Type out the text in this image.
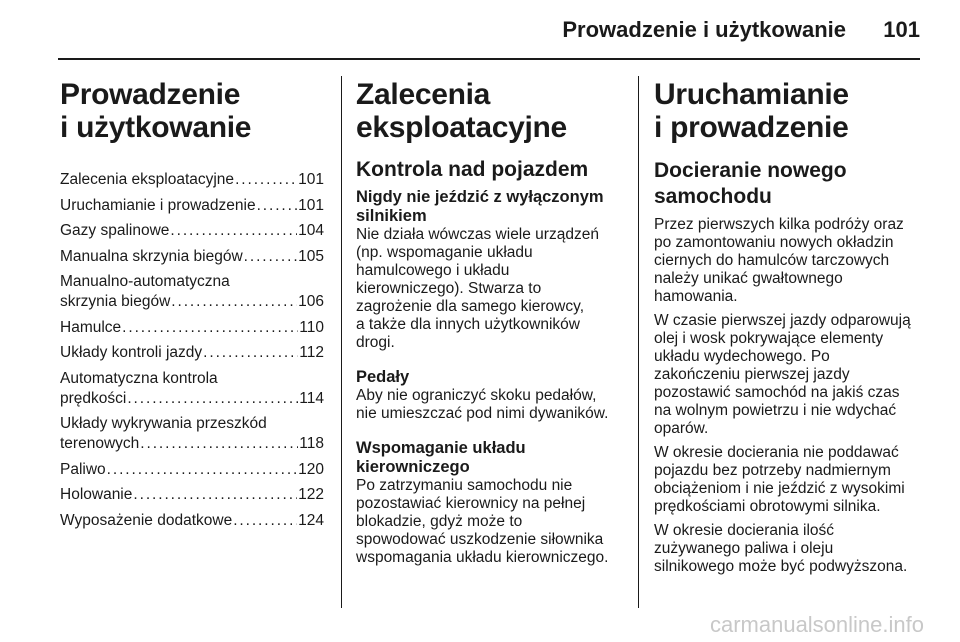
Prowadzenie i użytkowanie 101
Prowadzenie
i użytkowanie
Zalecenia eksploatacyjne . . .	101
Uruchamianie i prowadzenie . . .	101
Gazy spalinowe . . .	104
Manualna skrzynia biegów . . .	105
Manualno-automatyczna
skrzynia biegów . . .	106
Hamulce . . .	110
Układy kontroli jazdy . . .	112
Automatyczna kontrola
prędkości . . .	114
Układy wykrywania przeszkód
terenowych . . .	118
Paliwo . . .	120
Holowanie . . .	122
Wyposażenie dodatkowe . . .	124
Zalecenia
eksploatacyjne
Kontrola nad pojazdem
Nigdy nie jeździć z wyłączonym silnikiem

Nie działa wówczas wiele urządzeń
(np. wspomaganie układu
hamulcowego i układu
kierowniczego). Stwarza to
zagrożenie dla samego kierowcy,
a także dla innych użytkowników
drogi.

Pedały

Aby nie ograniczyć skoku pedałów,
nie umieszczać pod nimi dywaników.

Wspomaganie układu kierowniczego

Po zatrzymaniu samochodu nie
pozostawiać kierownicy na pełnej
blokadzie, gdyż może to
spowodować uszkodzenie siłownika
wspomagania układu kierowniczego.

Uruchamianie
i prowadzenie
Docieranie nowego samochodu

Przez pierwszych kilka podróży oraz
po zamontowaniu nowych okładzin
ciernych do hamulców tarczowych
należy unikać gwałtownego
hamowania.

W czasie pierwszej jazdy odparowują
olej i wosk pokrywające elementy
układu wydechowego. Po
zakończeniu pierwszej jazdy
pozostawić samochód na jakiś czas
na wolnym powietrzu i nie wdychać
oparów.

W okresie docierania nie poddawać
pojazdu bez potrzeby nadmiernym
obciążeniom i nie jeździć z wysokimi
prędkościami obrotowymi silnika.

W okresie docierania ilość
zużywanego paliwa i oleju
silnikowego może być podwyższona.

carmanualsonline.info
